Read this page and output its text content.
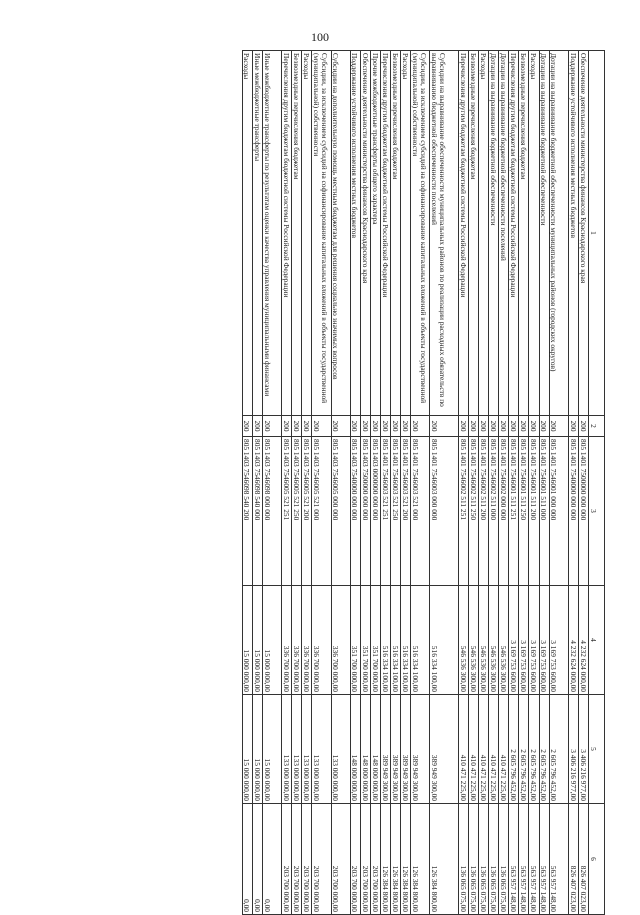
100
1	2	3	4	5	6
Обеспечение деятельности министерства финансов Краснодарского края	200	805 1401 7500000 000 000	4 232 624 000,00	3 406 216 977,00	826 407 023,00
Поддержание устойчивого исполнения местных бюджетов	200	805 1401 7540000 000 000	4 232 624 000,00	3 406 216 977,00	826 407 023,00
Дотации на выравнивание бюджетной обеспеченности муниципальных районов (городских округов)	200	805 1401 7546001 000 000	3 169 753 600,00	2 605 796 452,00	563 957 148,00
Дотации на выравнивание бюджетной обеспеченности	200	805 1401 7546001 511 000	3 169 753 600,00	2 605 796 452,00	563 957 148,00
Расходы	200	805 1401 7546001 511 200	3 169 753 600,00	2 605 796 452,00	563 957 148,00
Безвозмездные перечисления бюджетам	200	805 1401 7546001 511 250	3 169 753 600,00	2 605 796 452,00	563 957 148,00
Перечисления другим бюджетам бюджетной системы Российской Федерации	200	805 1401 7546001 511 251	3 169 753 600,00	2 605 796 452,00	563 957 148,00
Дотации на выравнивание бюджетной обеспеченности поселений	200	805 1401 7546002 000 000	546 536 300,00	410 471 225,00	136 065 075,00
Дотации на выравнивание бюджетной обеспеченности	200	805 1401 7546002 511 000	546 536 300,00	410 471 225,00	136 065 075,00
Расходы	200	805 1401 7546002 511 200	546 536 300,00	410 471 225,00	136 065 075,00
Безвозмездные перечисления бюджетам	200	805 1401 7546002 511 250	546 536 300,00	410 471 225,00	136 065 075,00
Перечисления другим бюджетам бюджетной системы Российской Федерации	200	805 1401 7546002 511 251	546 536 300,00	410 471 225,00	136 065 075,00
Субсидии на выравнивание обеспеченности муниципальных районов по реализации расходных обязательств по выравниванию бюджетной обеспеченности поселений	200	805 1401 7546003 000 000	516 334 100,00	389 949 300,00	126 384 800,00
Субсидии, за исключением субсидий на софинансирование капитальных вложений в объекты государственной (муниципальной) собственности	200	805 1401 7546003 521 000	516 334 100,00	389 949 300,00	126 384 800,00
Расходы	200	805 1401 7546003 521 200	516 334 100,00	389 949 300,00	126 384 800,00
Безвозмездные перечисления бюджетам	200	805 1401 7546003 521 250	516 334 100,00	389 949 300,00	126 384 800,00
Перечисления другим бюджетам бюджетной системы Российской Федерации	200	805 1401 7546003 521 251	516 334 100,00	389 949 300,00	126 384 800,00
Прочие межбюджетные трансферты общего характера	200	805 1403 0000000 000 000	351 700 000,00	148 000 000,00	203 700 000,00
Обеспечение деятельности министерства финансов Краснодарского края	200	805 1403 7500000 000 000	351 700 000,00	148 000 000,00	203 700 000,00
Поддержание устойчивого исполнения местных бюджетов	200	805 1403 7540000 000 000	351 700 000,00	148 000 000,00	203 700 000,00
Субсидии на дополнительную помощь местным бюджетам для решения социально значимых вопросов	200	805 1403 7546005 000 000	336 700 000,00	133 000 000,00	203 700 000,00
Субсидии, за исключением субсидий на софинансирование капитальных вложений в объекты государственной (муниципальной) собственности	200	805 1403 7546005 521 000	336 700 000,00	133 000 000,00	203 700 000,00
Расходы	200	805 1403 7546005 521 200	336 700 000,00	133 000 000,00	203 700 000,00
Безвозмездные перечисления бюджетам	200	805 1403 7546005 521 250	336 700 000,00	133 000 000,00	203 700 000,00
Перечисления другим бюджетам бюджетной системы Российской Федерации	200	805 1403 7546005 521 251	336 700 000,00	133 000 000,00	203 700 000,00
Иные межбюджетные трансферты по результатам оценки качества управления муниципальными финансами	200	805 1403 7546098 000 000	15 000 000,00	15 000 000,00	0,00
Иные межбюджетные трансферты	200	805 1403 7546098 540 000	15 000 000,00	15 000 000,00	0,00
Расходы	200	805 1403 7546098 540 200	15 000 000,00	15 000 000,00	0,00
